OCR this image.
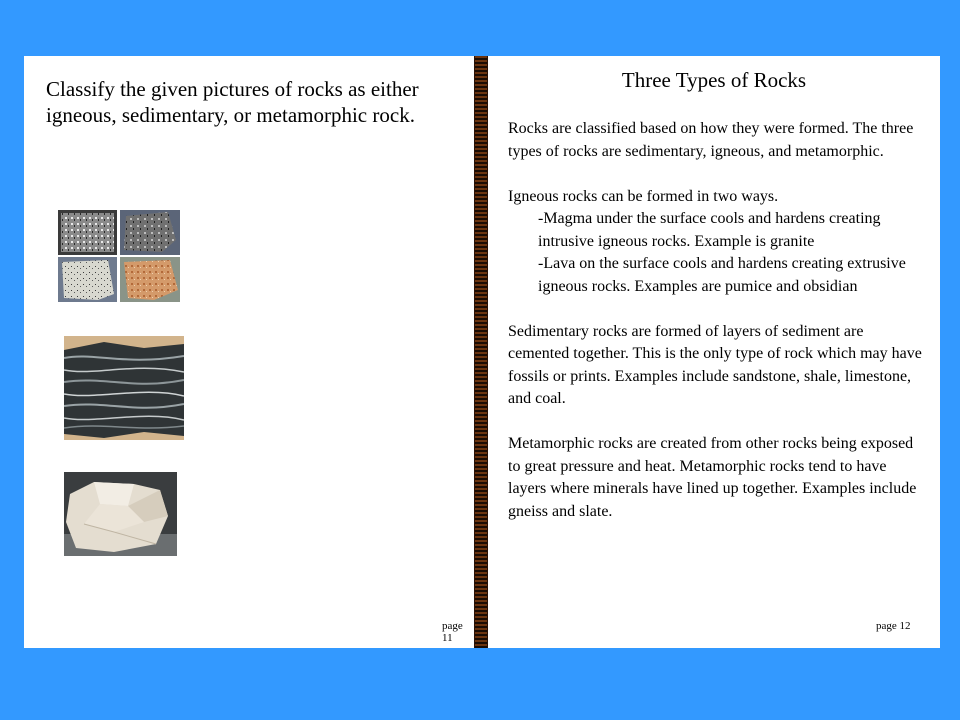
Classify the given pictures of rocks as either igneous, sedimentary, or metamorphic rock.
page 11
Three Types of Rocks

Rocks are classified based on how they were formed. The three types of rocks are sedimentary, igneous, and metamorphic.

Igneous rocks can be formed in two ways.
-Magma under the surface cools and hardens creating intrusive igneous rocks. Example is granite

-Lava on the surface cools and hardens creating extrusive igneous rocks. Examples are pumice and obsidian

Sedimentary rocks are formed of layers of sediment are cemented together. This is the only type of rock which may have fossils or prints. Examples include sandstone, shale, limestone, and coal.

Metamorphic rocks are created from other rocks being exposed to great pressure and heat. Metamorphic rocks tend to have layers where minerals have lined up together. Examples include gneiss and slate.

page 12
